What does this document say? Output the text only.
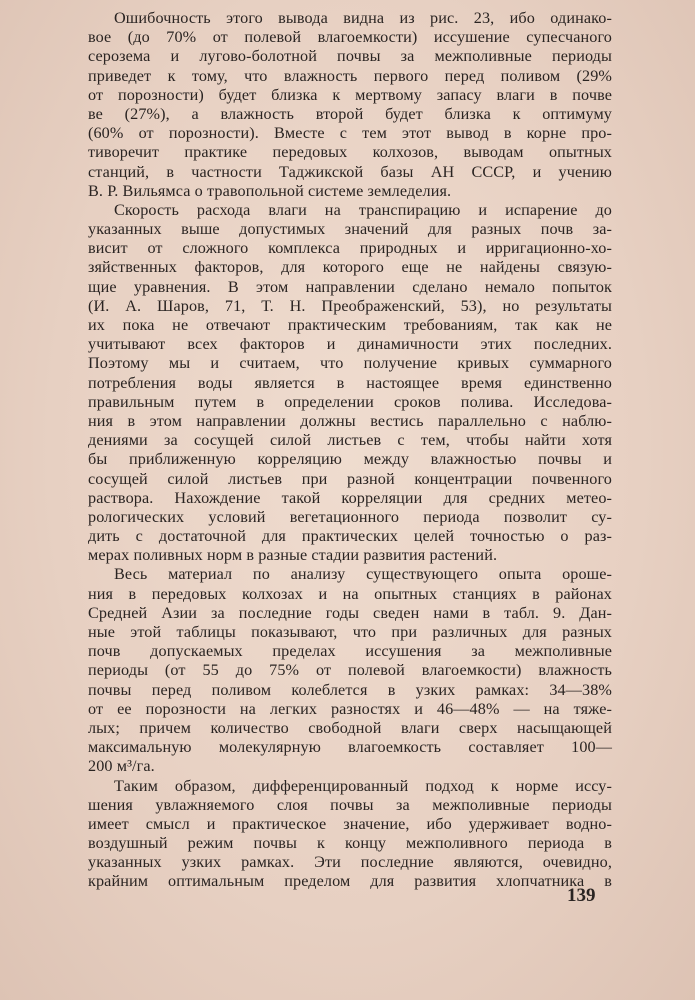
Ошибочность этого вывода видна из рис. 23, ибо одинако-
вое (до 70% от полевой влагоемкости) иссушение супесчаного
серозема и лугово-болотной почвы за межполивные периоды
приведет к тому, что влажность первого перед поливом (29%
от порозности) будет близка к мертвому запасу влаги в почве
ве (27%), а влажность второй будет близка к оптимуму
(60% от порозности). Вместе с тем этот вывод в корне про-
тиворечит практике передовых колхозов, выводам опытных
станций, в частности Таджикской базы АН СССР, и учению
В. Р. Вильямса о травопольной системе земледелия.
Скорость расхода влаги на транспирацию и испарение до
указанных выше допустимых значений для разных почв за-
висит от сложного комплекса природных и ирригационно-хо-
зяйственных факторов, для которого еще не найдены связую-
щие уравнения. В этом направлении сделано немало попыток
(И. А. Шаров, 71, Т. Н. Преображенский, 53), но результаты
их пока не отвечают практическим требованиям, так как не
учитывают всех факторов и динамичности этих последних.
Поэтому мы и считаем, что получение кривых суммарного
потребления воды является в настоящее время единственно
правильным путем в определении сроков полива. Исследова-
ния в этом направлении должны вестись параллельно с наблю-
дениями за сосущей силой листьев с тем, чтобы найти хотя
бы приближенную корреляцию между влажностью почвы и
сосущей силой листьев при разной концентрации почвенного
раствора. Нахождение такой корреляции для средних метео-
рологических условий вегетационного периода позволит су-
дить с достаточной для практических целей точностью о раз-
мерах поливных норм в разные стадии развития растений.
Весь материал по анализу существующего опыта орошe-
ния в передовых колхозах и на опытных станциях в районах
Средней Азии за последние годы сведен нами в табл. 9. Дан-
ные этой таблицы показывают, что при различных для разных
почв допускаемых пределах иссушения за межполивные
периоды (от 55 до 75% от полевой влагоемкости) влажность
почвы перед поливом колеблется в узких рамках: 34—38%
от ее порозности на легких разностях и 46—48% — на тяже-
лых; причем количество свободной влаги сверх насыщающей
максимальную молекулярную влагоемкость составляет 100—
200 м³/га.
Таким образом, дифференцированный подход к норме иссу-
шения увлажняемого слоя почвы за межполивные периоды
имеет смысл и практическое значение, ибо удерживает водно-
воздушный режим почвы к концу межполивного периода в
указанных узких рамках. Эти последние являются, очевидно,
крайним оптимальным пределом для развития хлопчатника в
139
